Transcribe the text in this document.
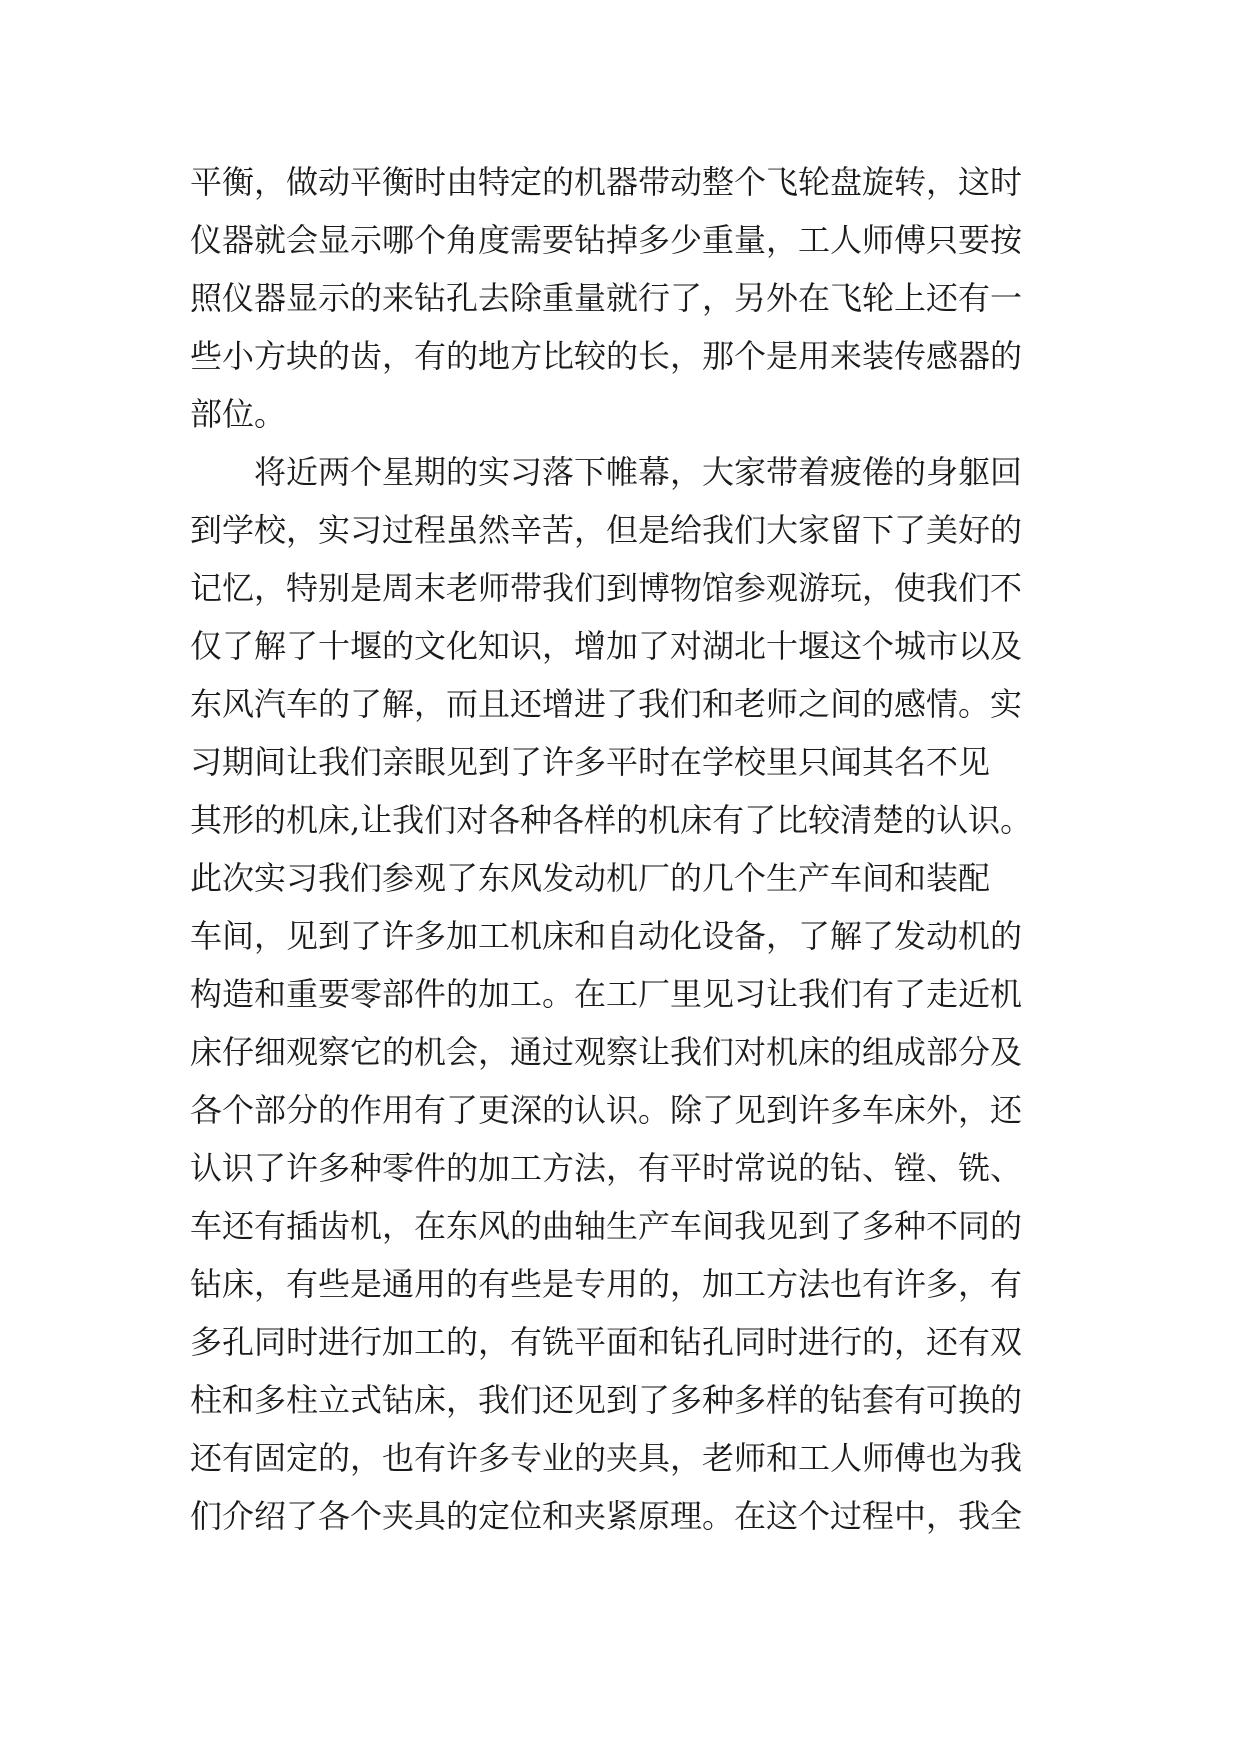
平衡，做动平衡时由特定的机器带动整个飞轮盘旋转，这时
仪器就会显示哪个角度需要钻掉多少重量，工人师傅只要按
照仪器显示的来钻孔去除重量就行了，另外在飞轮上还有一
些小方块的齿，有的地方比较的长，那个是用来装传感器的
部位。
将近两个星期的实习落下帷幕，大家带着疲倦的身躯回
到学校，实习过程虽然辛苦，但是给我们大家留下了美好的
记忆，特别是周末老师带我们到博物馆参观游玩，使我们不
仅了解了十堰的文化知识，增加了对湖北十堰这个城市以及
东风汽车的了解，而且还增进了我们和老师之间的感情。实
习期间让我们亲眼见到了许多平时在学校里只闻其名不见
其形的机床,让我们对各种各样的机床有了比较清楚的认识。
此次实习我们参观了东风发动机厂的几个生产车间和装配
车间，见到了许多加工机床和自动化设备，了解了发动机的
构造和重要零部件的加工。在工厂里见习让我们有了走近机
床仔细观察它的机会，通过观察让我们对机床的组成部分及
各个部分的作用有了更深的认识。除了见到许多车床外，还
认识了许多种零件的加工方法，有平时常说的钻、镗、铣、
车还有插齿机，在东风的曲轴生产车间我见到了多种不同的
钻床，有些是通用的有些是专用的，加工方法也有许多，有
多孔同时进行加工的，有铣平面和钻孔同时进行的，还有双
柱和多柱立式钻床，我们还见到了多种多样的钻套有可换的
还有固定的，也有许多专业的夹具，老师和工人师傅也为我
们介绍了各个夹具的定位和夹紧原理。在这个过程中，我全
